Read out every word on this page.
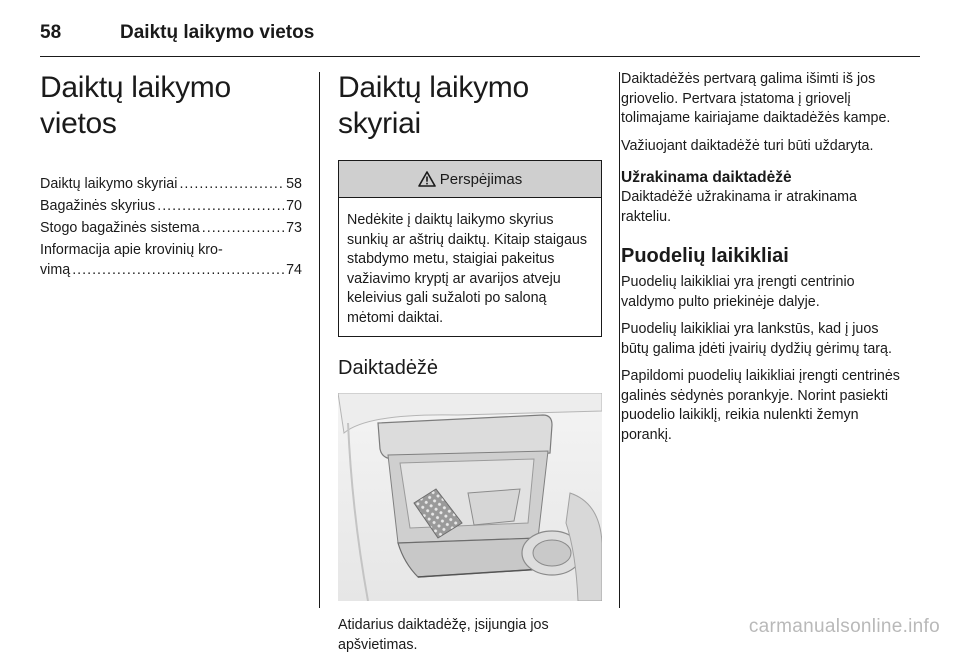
58	Daiktų laikymo vietos
Daiktų laikymo vietos
Daiktų laikymo skyriai .....	58
Bagažinės skyrius .....	70
Stogo bagažinės sistema .....	73
Informacija apie krovinių kro-
vimą .....	74
Daiktų laikymo skyriai
Perspėjimas
Nedėkite į daiktų laikymo skyrius sunkių ar aštrių daiktų. Kitaip staigaus stabdymo metu, staigiai pakeitus važiavimo kryptį ar avarijos atveju keleivius gali sužaloti po saloną mėtomi daiktai.
Daiktadėžė
Atidarius daiktadėžę, įsijungia jos apšvietimas.

Daiktadėžės pertvarą galima išimti iš jos griovelio. Pertvara įstatoma į griovelį tolimajame kairiajame daiktadėžės kampe.

Važiuojant daiktadėžė turi būti uždaryta.

Užrakinama daiktadėžė

Daiktadėžė užrakinama ir atrakinama rakteliu.

Puodelių laikikliai

Puodelių laikikliai yra įrengti centrinio valdymo pulto priekinėje dalyje.

Puodelių laikikliai yra lankstūs, kad į juos būtų galima įdėti įvairių dydžių gėrimų tarą.

Papildomi puodelių laikikliai įrengti centrinės galinės sėdynės porankyje. Norint pasiekti puodelio laikiklį, reikia nulenkti žemyn porankį.

carmanualsonline.info
